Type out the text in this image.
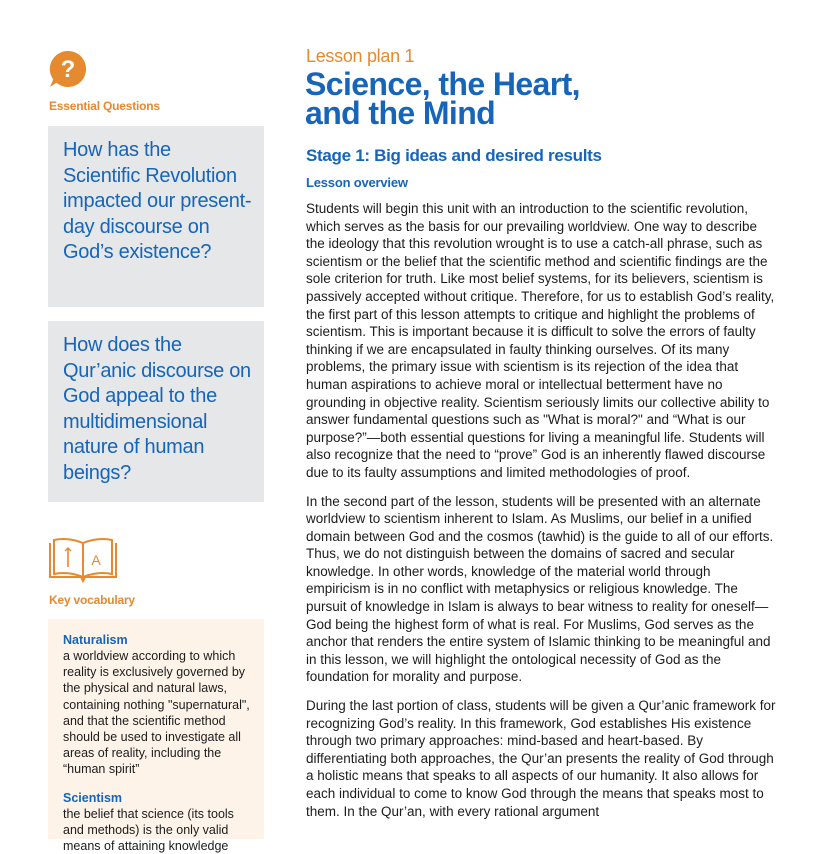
?
Essential Questions

How has the Scientific Revolution impacted our present-day discourse on God’s existence?

How does the Qur’anic discourse on God appeal to the multidimensional nature of human beings?

A
Key vocabulary
Naturalism
a worldview according to which reality is exclusively governed by the physical and natural laws, containing nothing "supernatural", and that the scientific method should be used to investigate all areas of reality, including the “human spirit”
Scientism
the belief that science (its tools and methods) is the only valid means of attaining knowledge
Lesson plan 1
Science, the Heart,
and the Mind
Stage 1: Big ideas and desired results
Lesson overview

Students will begin this unit with an introduction to the scientific revolution, which serves as the basis for our prevailing worldview. One way to describe the ideology that this revolution wrought is to use a catch-all phrase, such as scientism or the belief that the scientific method and scientific findings are the sole criterion for truth. Like most belief systems, for its believers, scientism is passively accepted without critique. Therefore, for us to establish God’s reality, the first part of this lesson attempts to critique and highlight the problems of scientism. This is important because it is difficult to solve the errors of faulty thinking if we are encapsulated in faulty thinking ourselves. Of its many problems, the primary issue with scientism is its rejection of the idea that human aspirations to achieve moral or intellectual betterment have no grounding in objective reality. Scientism seriously limits our collective ability to answer fundamental questions such as "What is moral?" and “What is our purpose?”—both essential questions for living a meaningful life. Students will also recognize that the need to “prove” God is an inherently flawed discourse due to its faulty assumptions and limited methodologies of proof.

In the second part of the lesson, students will be presented with an alternate worldview to scientism inherent to Islam. As Muslims, our belief in a unified domain between God and the cosmos (tawhid) is the guide to all of our efforts. Thus, we do not distinguish between the domains of sacred and secular knowledge. In other words, knowledge of the material world through empiricism is in no conflict with metaphysics or religious knowledge. The pursuit of knowledge in Islam is always to bear witness to reality for oneself—God being the highest form of what is real. For Muslims, God serves as the anchor that renders the entire system of Islamic thinking to be meaningful and in this lesson, we will highlight the ontological necessity of God as the foundation for morality and purpose.

During the last portion of class, students will be given a Qur’anic framework for recognizing God’s reality. In this framework, God establishes His existence through two primary approaches: mind-based and heart-based. By differentiating both approaches, the Qur’an presents the reality of God through a holistic means that speaks to all aspects of our humanity. It also allows for each individual to come to know God through the means that speaks most to them. In the Qur’an, with every rational argument
